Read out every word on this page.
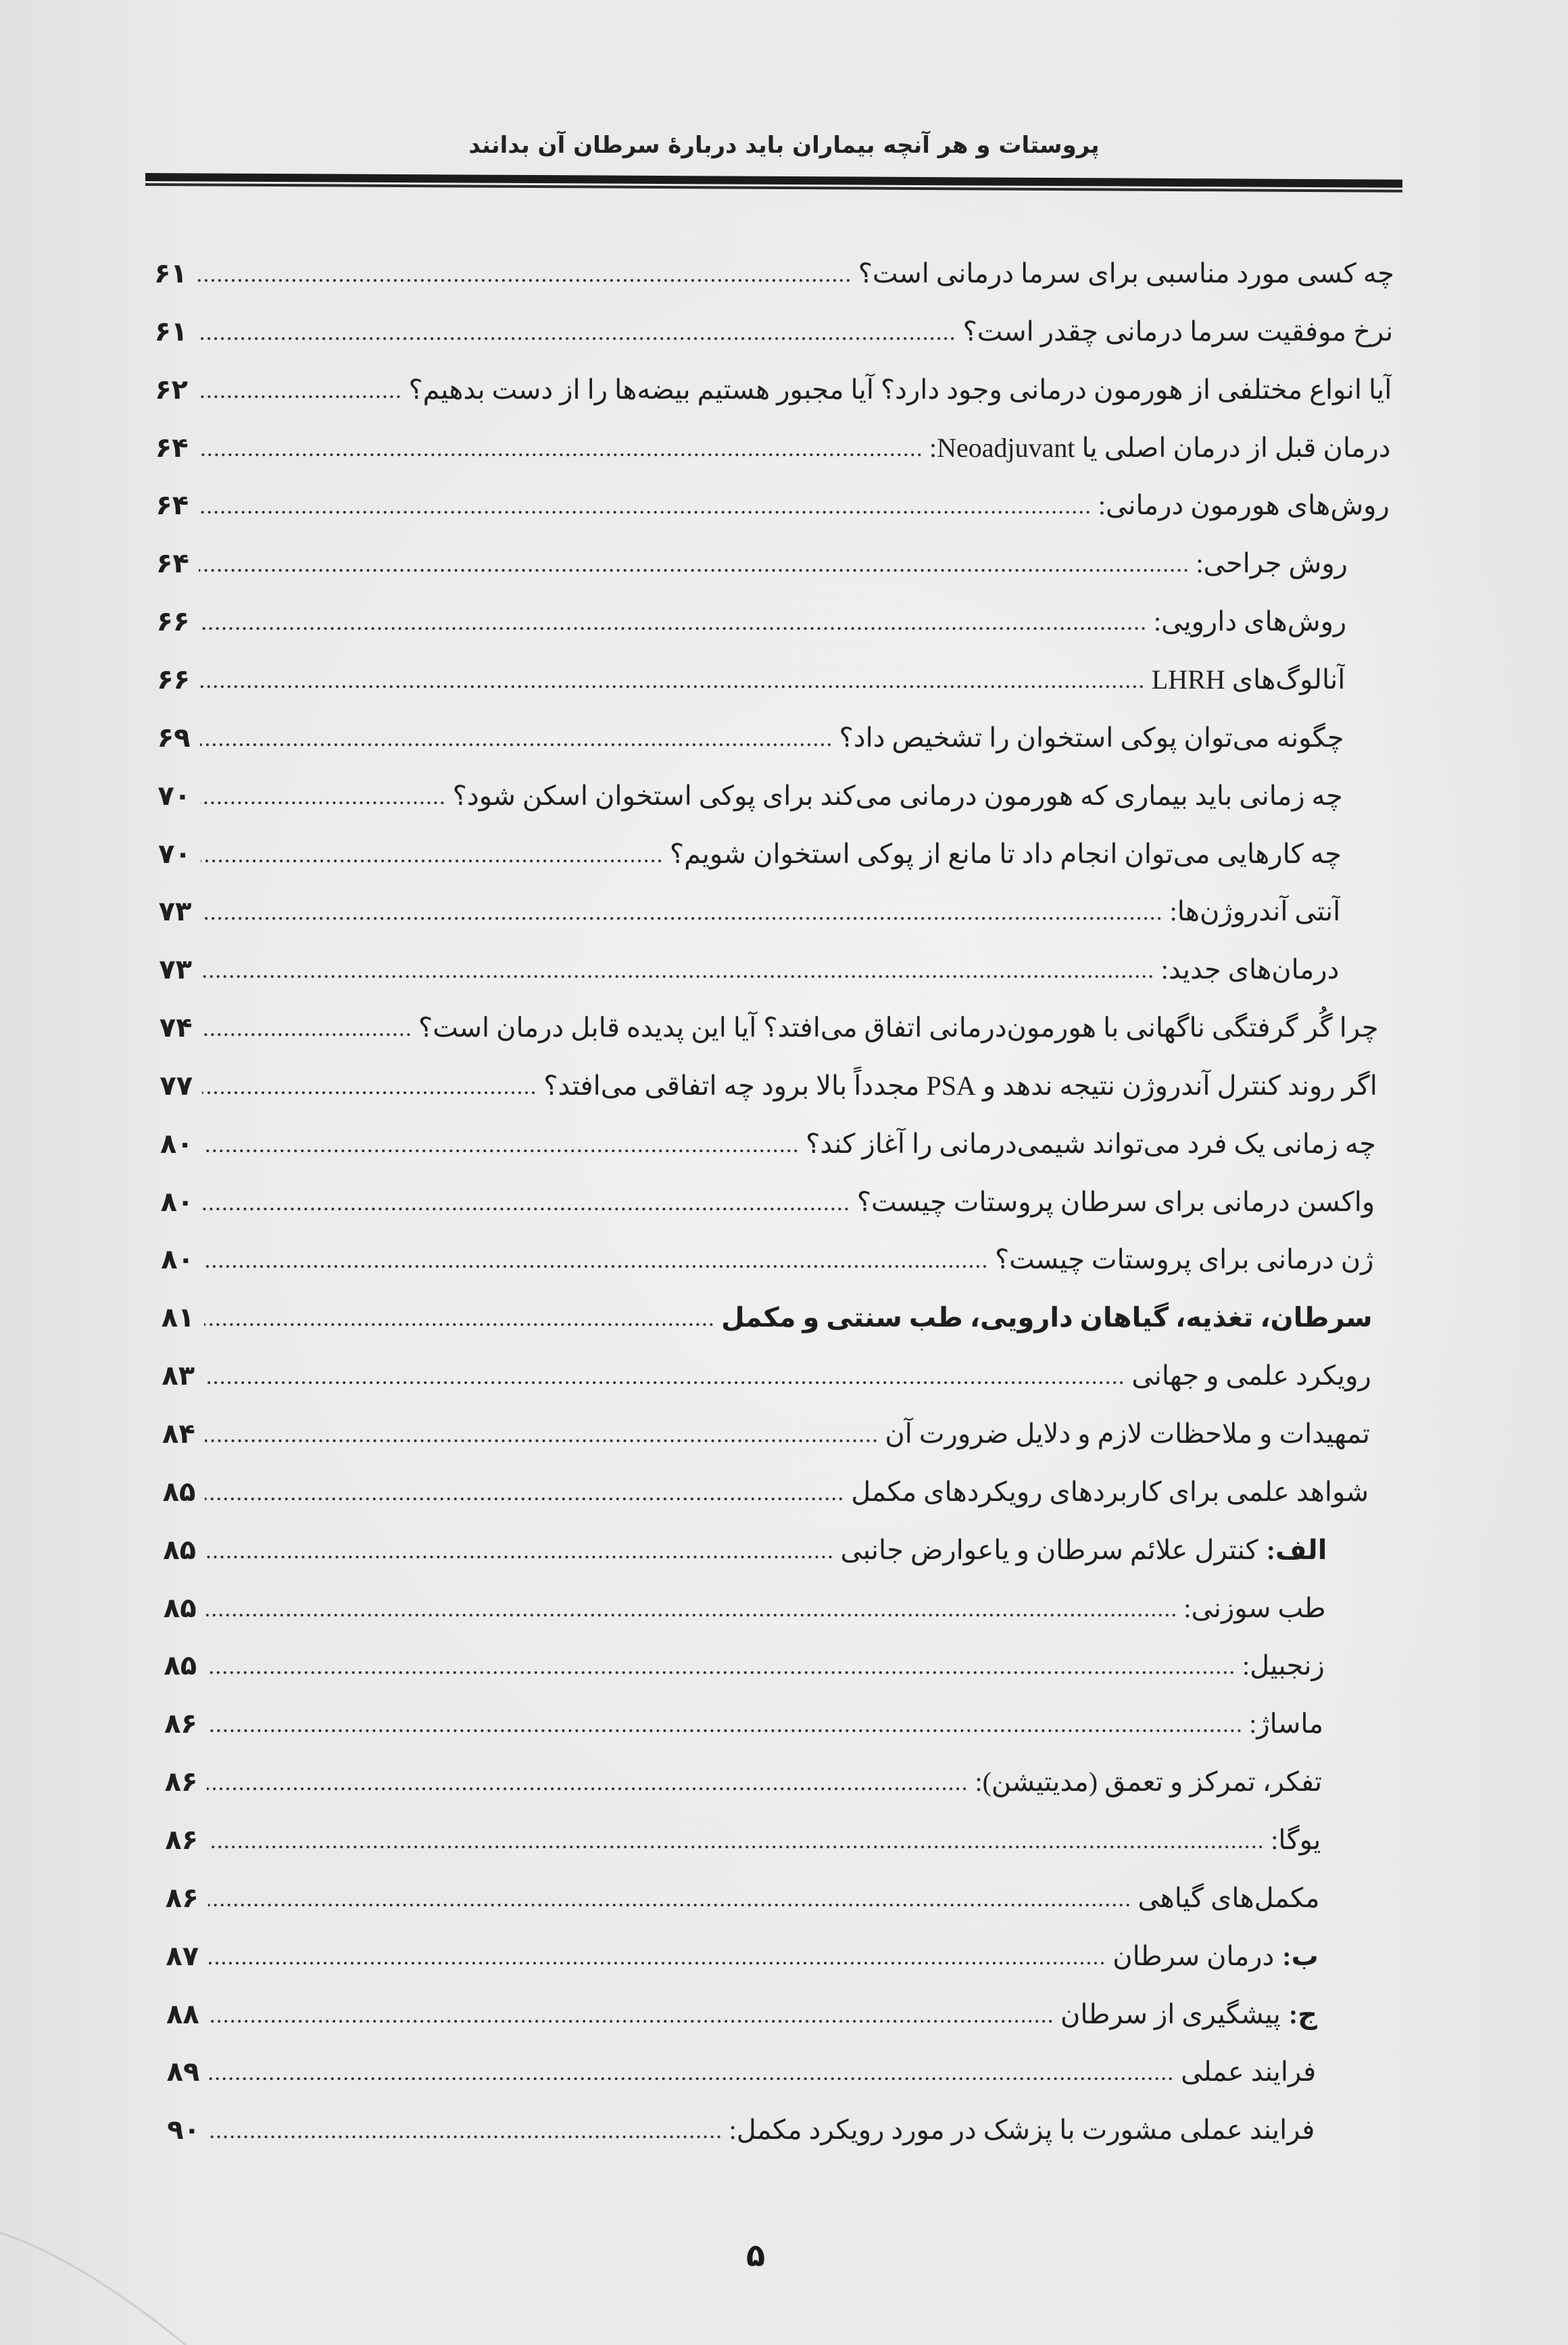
پروستات و هر آنچه بیماران باید دربارهٔ سرطان آن بدانند
چه کسی مورد مناسبی برای سرما درمانی است؟
۶۱
نرخ موفقیت سرما درمانی چقدر است؟
۶۱
آیا انواع مختلفی از هورمون درمانی وجود دارد؟ آیا مجبور هستیم بیضه‌ها را از دست بدهیم؟
۶۲
درمان قبل از درمان اصلی یا Neoadjuvant:
۶۴
روش‌های هورمون درمانی:
۶۴
روش جراحی:
۶۴
روش‌های دارویی:
۶۶
آنالوگ‌های LHRH
۶۶
چگونه می‌توان پوکی استخوان را تشخیص داد؟
۶۹
چه زمانی باید بیماری که هورمون درمانی می‌کند برای پوکی استخوان اسکن شود؟
۷۰
چه کارهایی می‌توان انجام داد تا مانع از پوکی استخوان شویم؟
۷۰
آنتی آندروژن‌ها:
۷۳
درمان‌های جدید:
۷۳
چرا گُر گرفتگی ناگهانی با هورمون‌درمانی اتفاق می‌افتد؟ آیا این پدیده قابل درمان است؟
۷۴
اگر روند کنترل آندروژن نتیجه ندهد و PSA مجدداً بالا برود چه اتفاقی می‌افتد؟
۷۷
چه زمانی یک فرد می‌تواند شیمی‌درمانی را آغاز کند؟
۸۰
واکسن درمانی برای سرطان پروستات چیست؟
۸۰
ژن درمانی برای پروستات چیست؟
۸۰
سرطان، تغذیه، گیاهان دارویی، طب سنتی و مکمل
۸۱
رویکرد علمی و جهانی
۸۳
تمهیدات و ملاحظات لازم و دلایل ضرورت آن
۸۴
شواهد علمی برای کاربردهای رویکردهای مکمل
۸۵
الف:کنترل علائم سرطان و یاعوارض جانبی
۸۵
طب سوزنی:
۸۵
زنجبیل:
۸۵
ماساژ:
۸۶
تفکر، تمرکز و تعمق (مدیتیشن):
۸۶
یوگا:
۸۶
مکمل‌های گیاهی
۸۶
ب:درمان سرطان
۸۷
ج:پیشگیری از سرطان
۸۸
فرایند عملی
۸۹
فرایند عملی مشورت با پزشک در مورد رویکرد مکمل:
۹۰
۵
